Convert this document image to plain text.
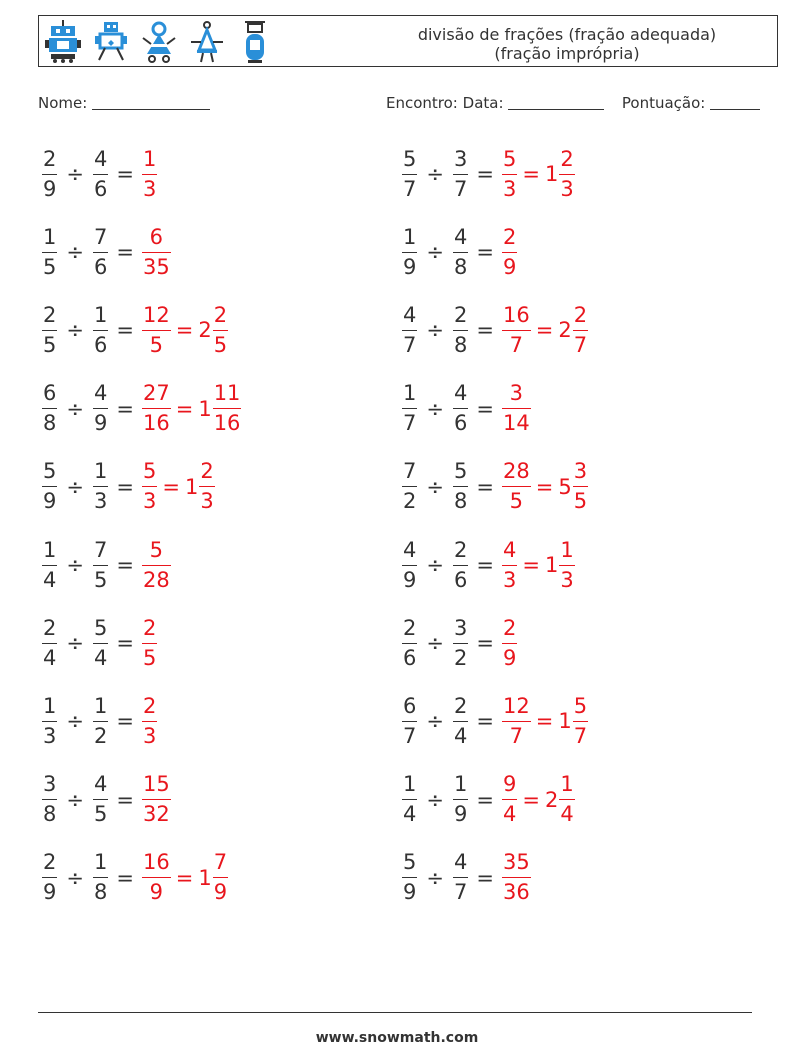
divisão de frações (fração adequada)
(fração imprópria)
Nome:	Encontro: Data:	Pontuação:
$\frac{2}{9} \div \frac{4}{6} = \frac{1}{3}$	$\frac{5}{7} \div \frac{3}{7} = \frac{5}{3} = 1 \frac{2}{3}$
$\frac{1}{5} \div \frac{7}{6} = \frac{6}{35}$	$\frac{1}{9} \div \frac{4}{8} = \frac{2}{9}$
$\frac{2}{5} \div \frac{1}{6} = \frac{12}{5} = 2 \frac{2}{5}$	$\frac{4}{7} \div \frac{2}{8} = \frac{16}{7} = 2 \frac{2}{7}$
$\frac{6}{8} \div \frac{4}{9} = \frac{27}{16} = 1 \frac{11}{16}$	$\frac{1}{7} \div \frac{4}{6} = \frac{3}{14}$
$\frac{5}{9} \div \frac{1}{3} = \frac{5}{3} = 1 \frac{2}{3}$	$\frac{7}{2} \div \frac{5}{8} = \frac{28}{5} = 5 \frac{3}{5}$
$\frac{1}{4} \div \frac{7}{5} = \frac{5}{28}$	$\frac{4}{9} \div \frac{2}{6} = \frac{4}{3} = 1 \frac{1}{3}$
$\frac{2}{4} \div \frac{5}{4} = \frac{2}{5}$	$\frac{2}{6} \div \frac{3}{2} = \frac{2}{9}$
$\frac{1}{3} \div \frac{1}{2} = \frac{2}{3}$	$\frac{6}{7} \div \frac{2}{4} = \frac{12}{7} = 1 \frac{5}{7}$
$\frac{3}{8} \div \frac{4}{5} = \frac{15}{32}$	$\frac{1}{4} \div \frac{1}{9} = \frac{9}{4} = 2 \frac{1}{4}$
$\frac{2}{9} \div \frac{1}{8} = \frac{16}{9} = 1 \frac{7}{9}$	$\frac{5}{9} \div \frac{4}{7} = \frac{35}{36}$
www.snowmath.com
